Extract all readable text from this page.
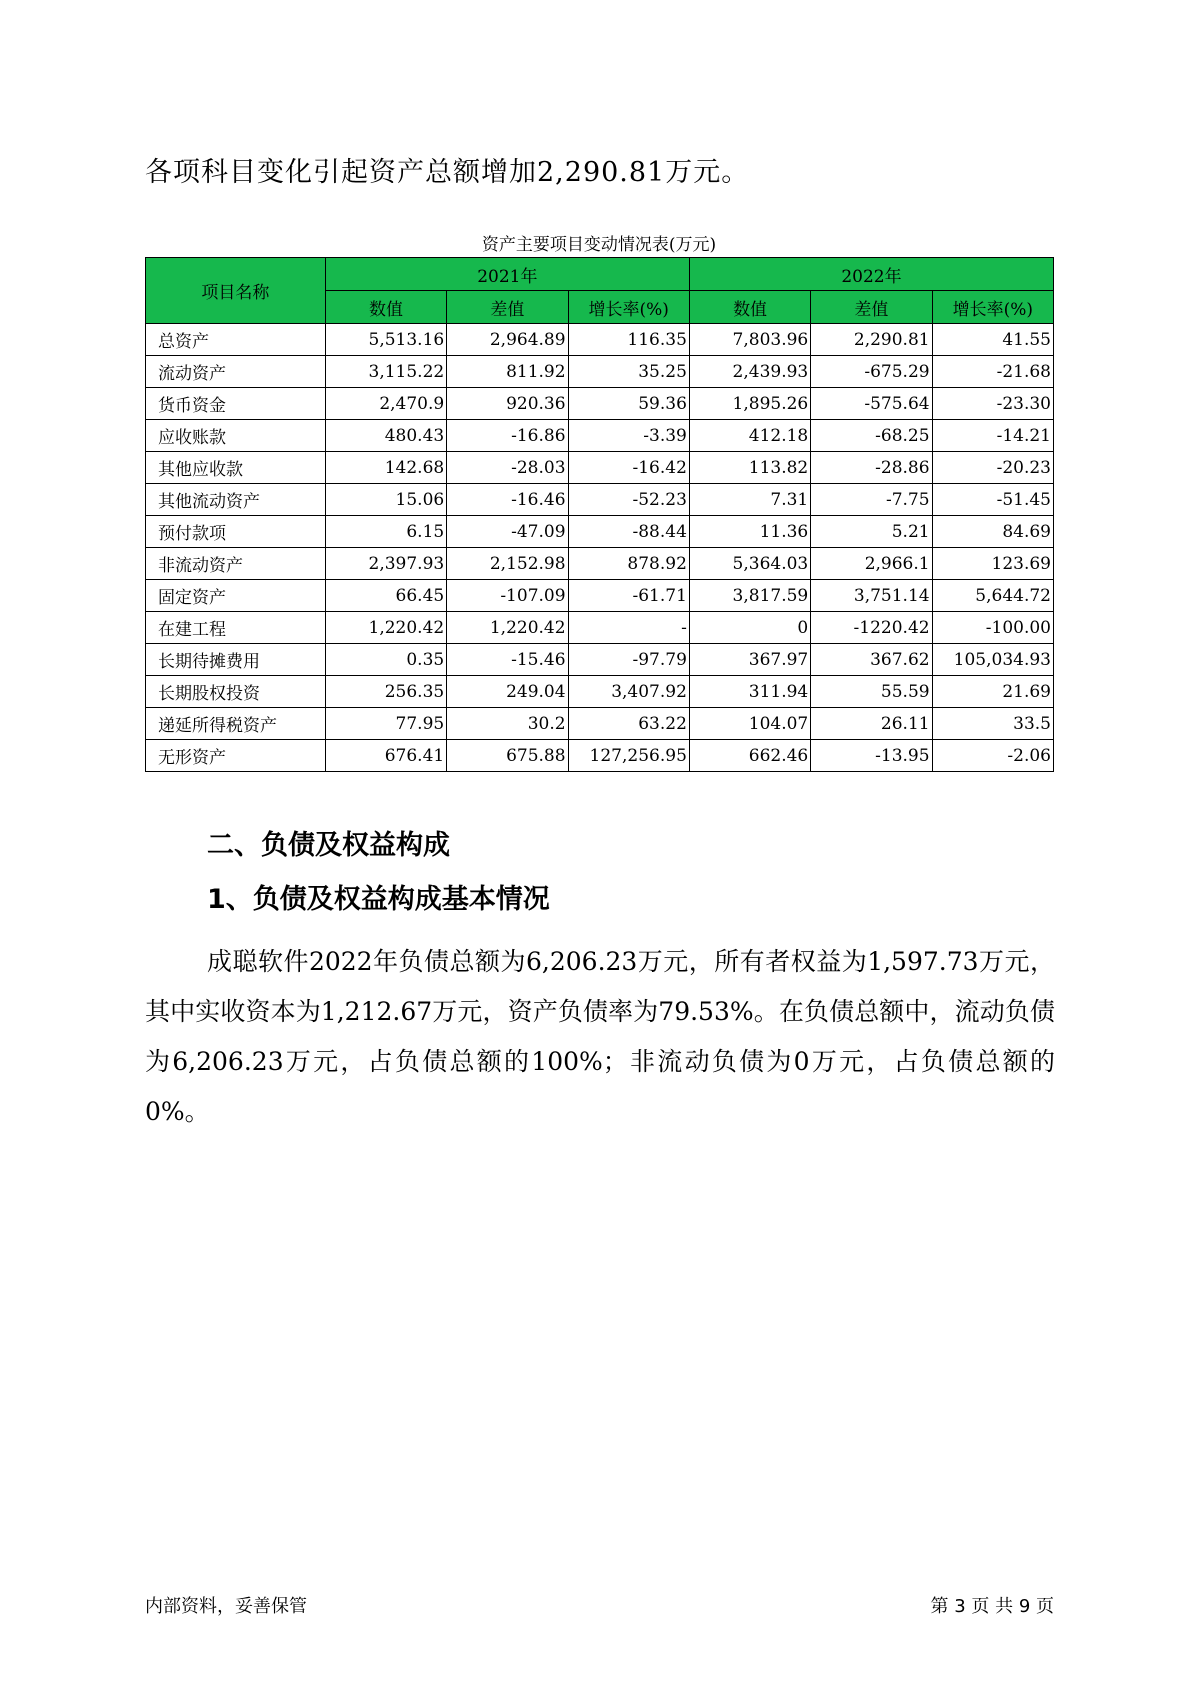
各项科目变化引起资产总额增加2,290.81万元。

资产主要项目变动情况表(万元)

项目名称	2021年			2022年		
	数值	差值	增长率(%)	数值	差值	增长率(%)
总资产	5,513.16	2,964.89	116.35	7,803.96	2,290.81	41.55
流动资产	3,115.22	811.92	35.25	2,439.93	-675.29	-21.68
货币资金	2,470.9	920.36	59.36	1,895.26	-575.64	-23.30
应收账款	480.43	-16.86	-3.39	412.18	-68.25	-14.21
其他应收款	142.68	-28.03	-16.42	113.82	-28.86	-20.23
其他流动资产	15.06	-16.46	-52.23	7.31	-7.75	-51.45
预付款项	6.15	-47.09	-88.44	11.36	5.21	84.69
非流动资产	2,397.93	2,152.98	878.92	5,364.03	2,966.1	123.69
固定资产	66.45	-107.09	-61.71	3,817.59	3,751.14	5,644.72
在建工程	1,220.42	1,220.42	-	0	-1220.42	-100.00
长期待摊费用	0.35	-15.46	-97.79	367.97	367.62	105,034.93
长期股权投资	256.35	249.04	3,407.92	311.94	55.59	21.69
递延所得税资产	77.95	30.2	63.22	104.07	26.11	33.5
无形资产	676.41	675.88	127,256.95	662.46	-13.95	-2.06
二、负债及权益构成
1、负债及权益构成基本情况

成聪软件2022年负债总额为6,206.23万元，所有者权益为1,597.73万元，其中实收资本为1,212.67万元，资产负债率为79.53%。在负债总额中，流动负债为6,206.23万元，占负债总额的100%；非流动负债为0万元，占负债总额的0%。

内部资料，妥善保管	第 3 页 共 9 页
